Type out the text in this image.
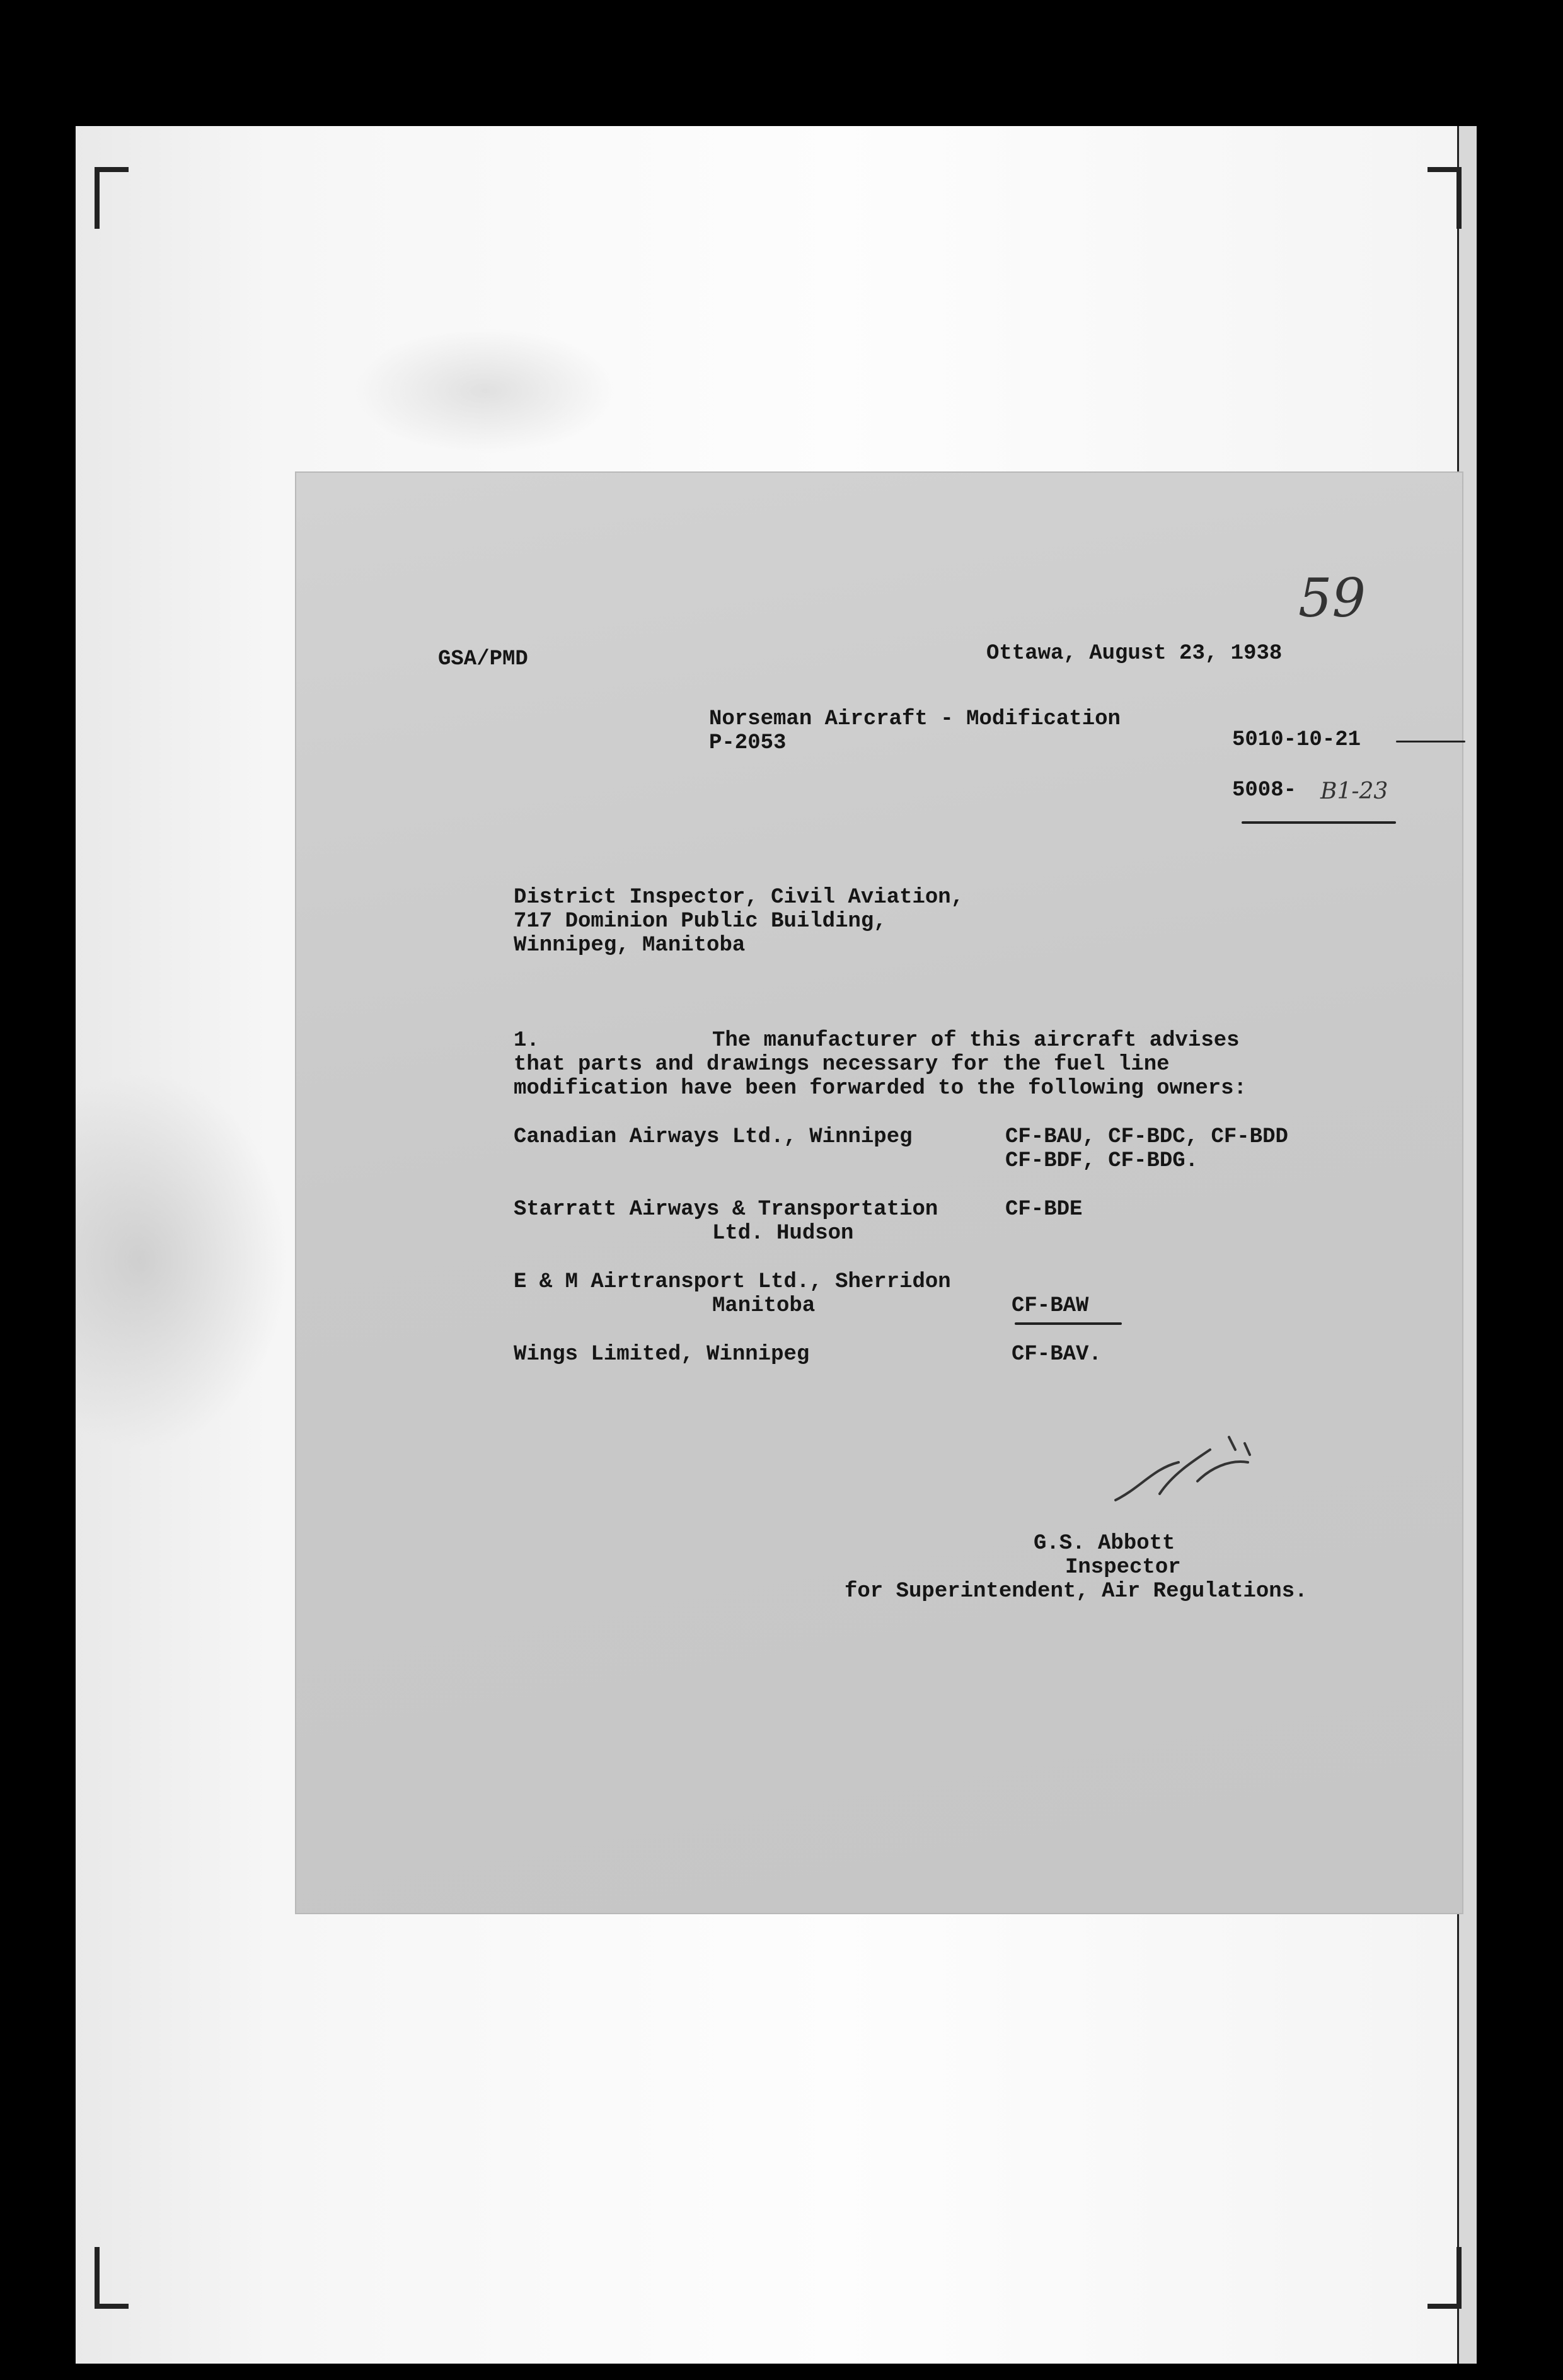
59
GSA/PMD	Ottawa, August 23, 1938
Norseman Aircraft - Modification
P-2053	5010-10-21
5008- B1-23
District Inspector, Civil Aviation,
717 Dominion Public Building,
Winnipeg, Manitoba
1.	The manufacturer of this aircraft advises
that parts and drawings necessary for the fuel line
modification have been forwarded to the following owners:
Canadian Airways Ltd., Winnipeg	CF-BAU, CF-BDC, CF-BDD
CF-BDF, CF-BDG.
Starratt Airways & Transportation	CF-BDE
Ltd. Hudson
E & M Airtransport Ltd., Sherridon
Manitoba	CF-BAW
Wings Limited, Winnipeg	CF-BAV.
G.S. Abbott
Inspector
for Superintendent, Air Regulations.
